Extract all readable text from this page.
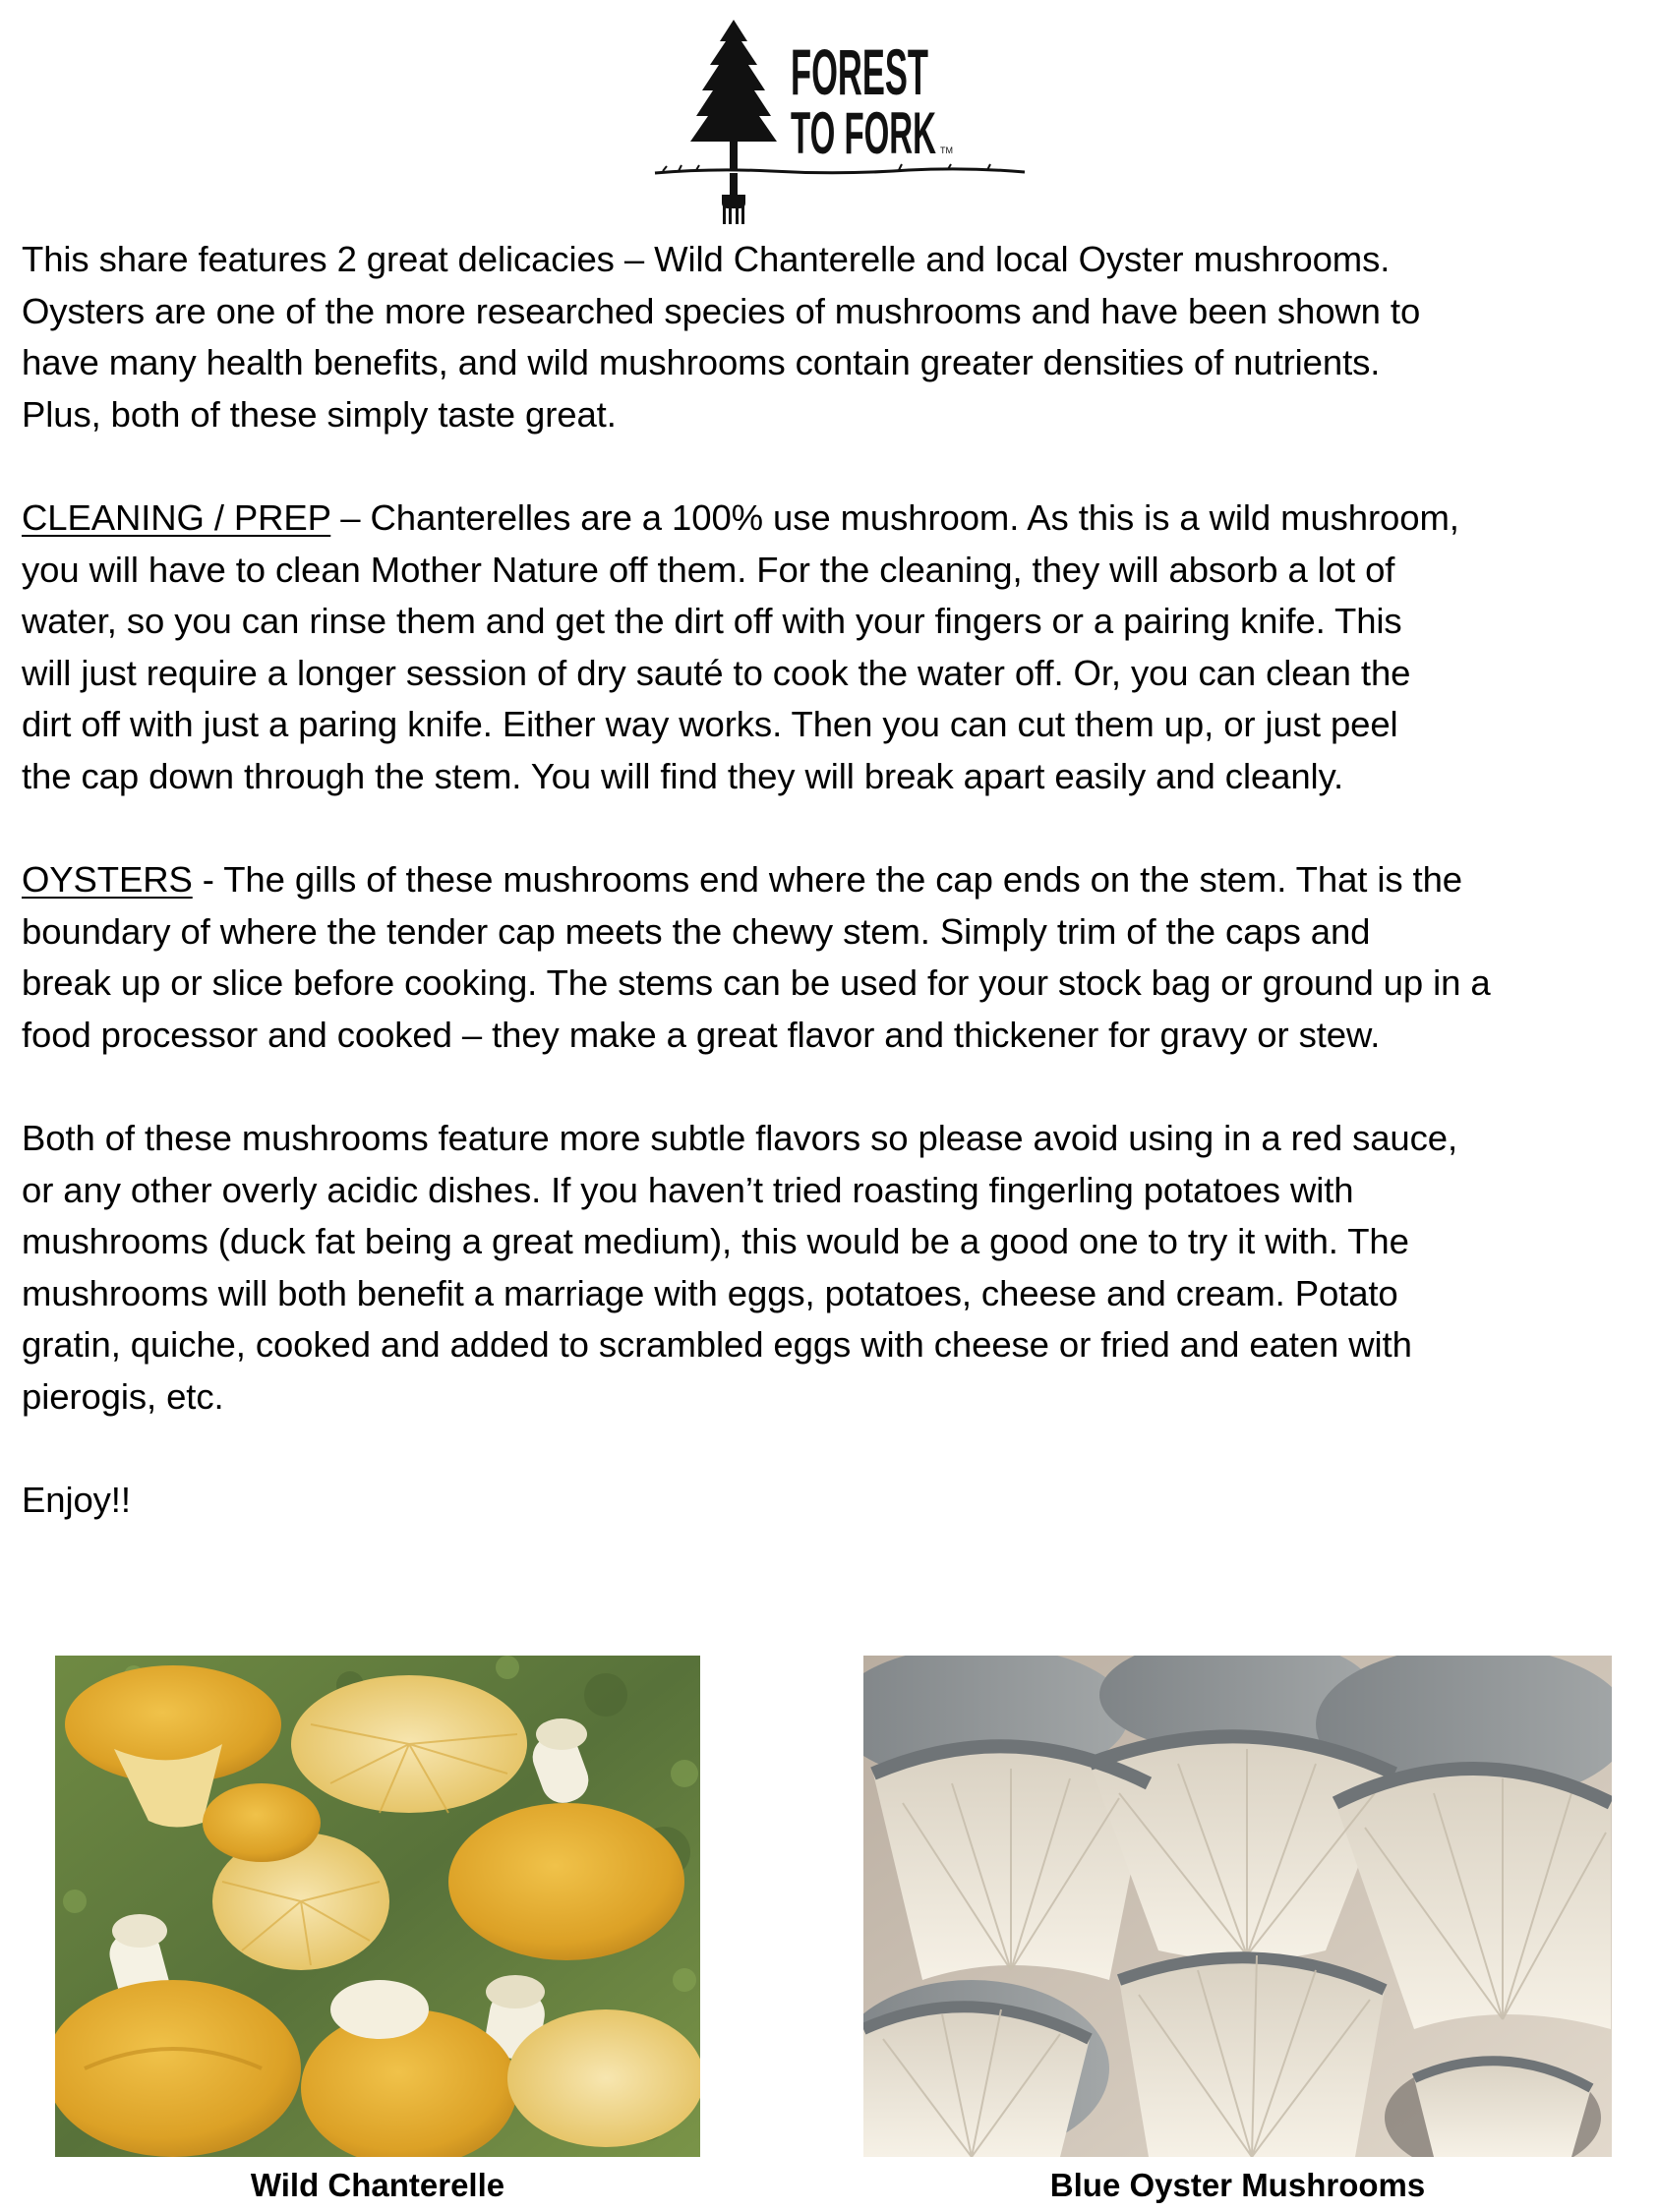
FOREST
TO FORK TM

This share features 2 great delicacies – Wild Chanterelle and local Oyster mushrooms.
Oysters are one of the more researched species of mushrooms and have been shown to
have many health benefits, and wild mushrooms contain greater densities of nutrients.
Plus, both of these simply taste great.

CLEANING / PREP – Chanterelles are a 100% use mushroom. As this is a wild mushroom,
you will have to clean Mother Nature off them. For the cleaning, they will absorb a lot of
water, so you can rinse them and get the dirt off with your fingers or a pairing knife. This
will just require a longer session of dry sauté to cook the water off. Or, you can clean the
dirt off with just a paring knife. Either way works. Then you can cut them up, or just peel
the cap down through the stem. You will find they will break apart easily and cleanly.

OYSTERS - The gills of these mushrooms end where the cap ends on the stem. That is the
boundary of where the tender cap meets the chewy stem. Simply trim of the caps and
break up or slice before cooking. The stems can be used for your stock bag or ground up in a
food processor and cooked – they make a great flavor and thickener for gravy or stew.

Both of these mushrooms feature more subtle flavors so please avoid using in a red sauce,
or any other overly acidic dishes. If you haven’t tried roasting fingerling potatoes with
mushrooms (duck fat being a great medium), this would be a good one to try it with. The
mushrooms will both benefit a marriage with eggs, potatoes, cheese and cream. Potato
gratin, quiche, cooked and added to scrambled eggs with cheese or fried and eaten with
pierogis, etc.

Enjoy!!

Wild Chanterelle	Blue Oyster Mushrooms
